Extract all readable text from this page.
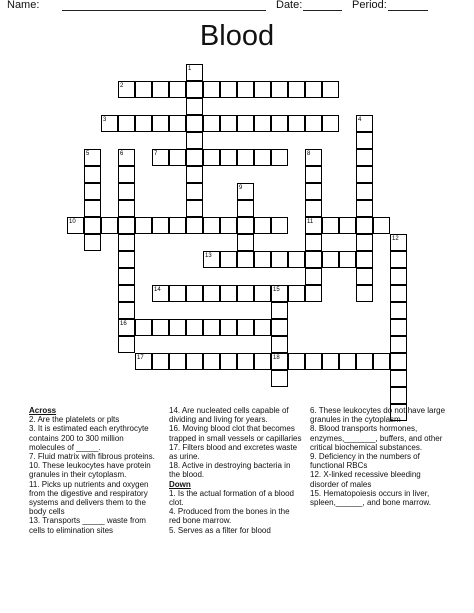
Name:	Date:	Period:
Blood
1
2
3	4
5	6	7	8
9
10	11
12
13
14	15
16
17	18
Across
2. Are the platelets or plts
3. It is estimated each erythrocyte contains 200 to 300 million molecules of _____.
7. Fluid matrix with fibrous proteins.
10. These leukocytes have protein granules in their cytoplasm.
11. Picks up nutrients and oxygen from the digestive and respiratory systems and delivers them to the body cells
13. Transports _____ waste from cells to elimination sites
14. Are nucleated cells capable of dividing and living for years.
16. Moving blood clot that becomes trapped in small vessels or capillaries
17. Filters blood and excretes waste as urine.
18. Active in destroying bacteria in the blood.
Down
1. Is the actual formation of a blood clot.
4. Produced from the bones in the red bone marrow.
5. Serves as a filter for blood
6. These leukocytes do not have large granules in the cytoplasm
8. Blood transports hormones, enzymes,_______, buffers, and other critical biochemical substances.
9. Deficiency in the numbers of functional RBCs
12. X-linked recessive bleeding disorder of males
15. Hematopoiesis occurs in liver, spleen,______, and bone marrow.
